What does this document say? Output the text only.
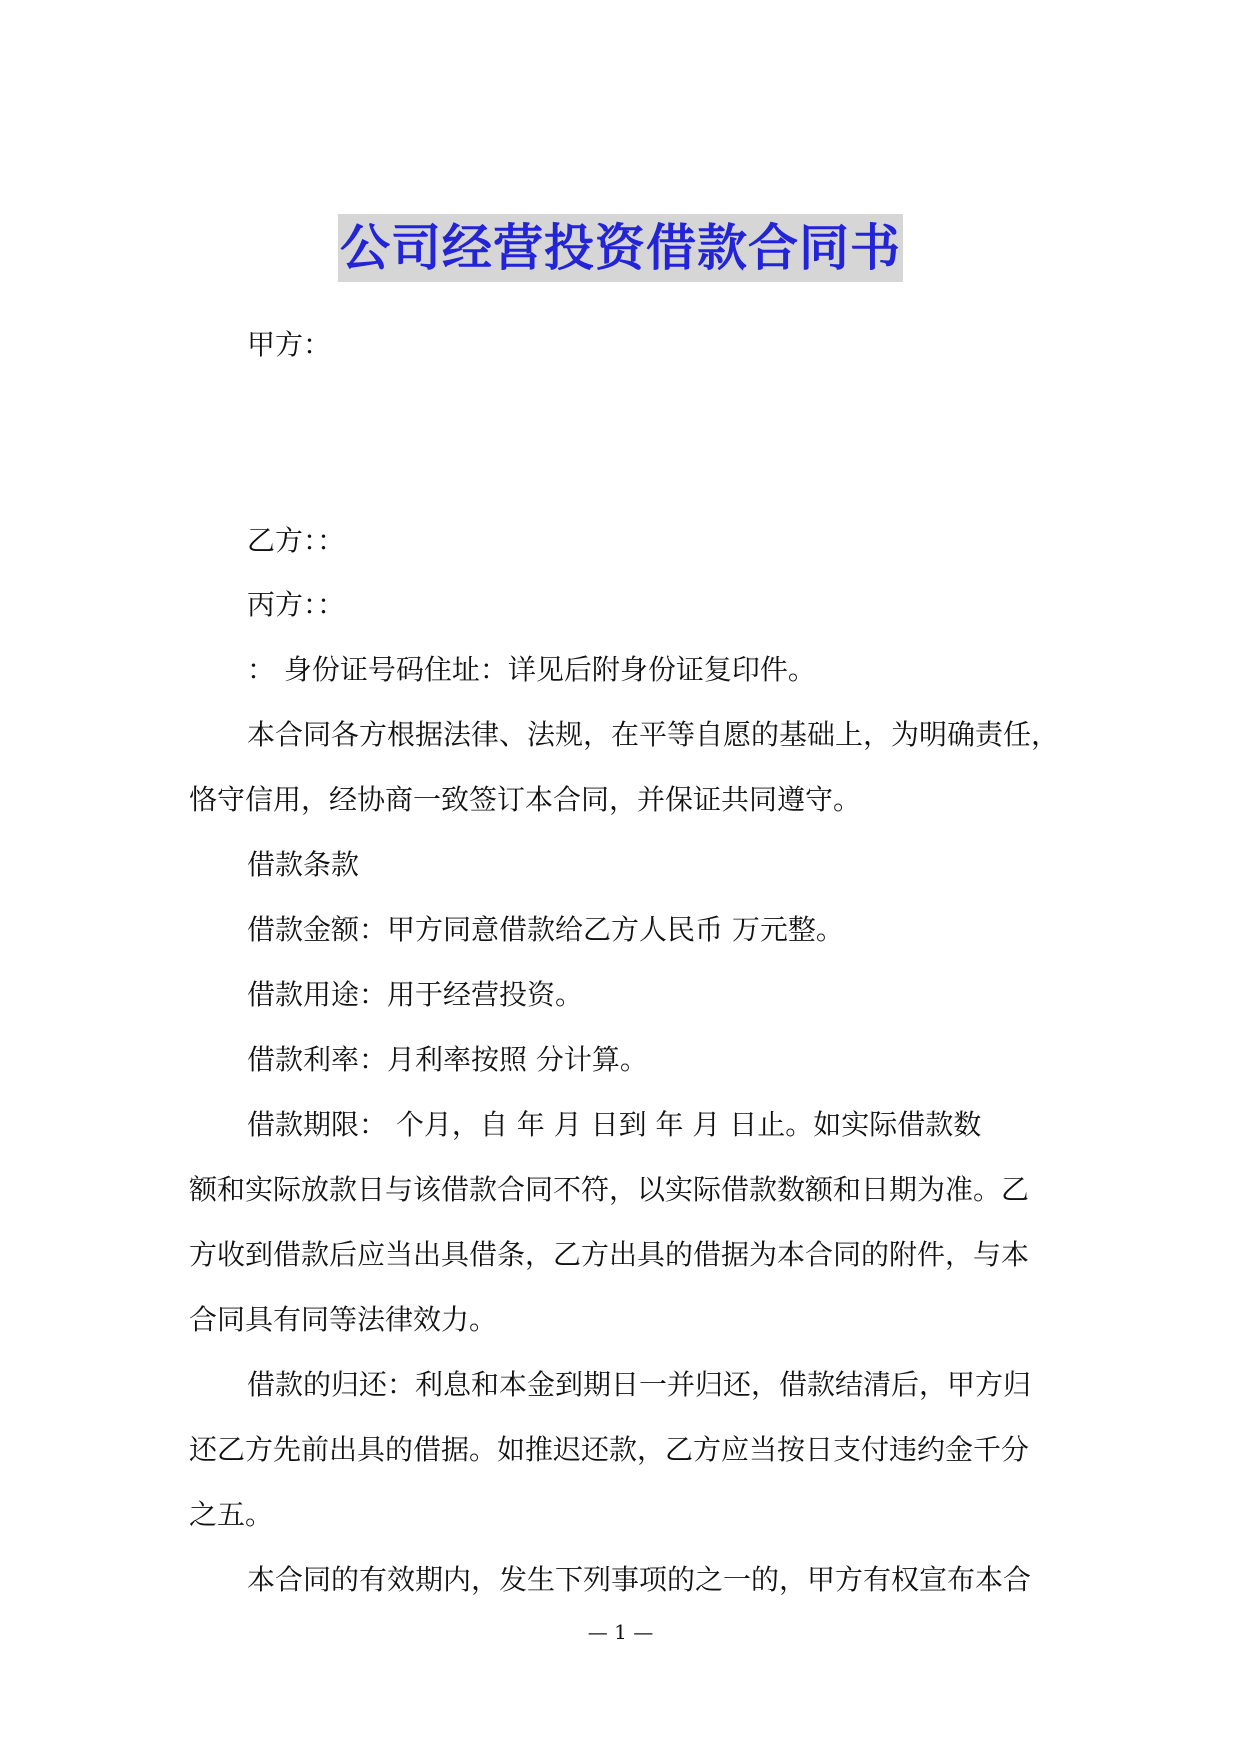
公司经营投资借款合同书
甲方：
乙方：：
丙方：：
： 身份证号码住址：详见后附身份证复印件。
本合同各方根据法律、法规，在平等自愿的基础上，为明确责任，
恪守信用，经协商一致签订本合同，并保证共同遵守。
借款条款
借款金额：甲方同意借款给乙方人民币 万元整。
借款用途：用于经营投资。
借款利率：月利率按照 分计算。
借款期限： 个月，自 年 月 日到 年 月 日止。如实际借款数
额和实际放款日与该借款合同不符，以实际借款数额和日期为准。乙
方收到借款后应当出具借条，乙方出具的借据为本合同的附件，与本
合同具有同等法律效力。
借款的归还：利息和本金到期日一并归还，借款结清后，甲方归
还乙方先前出具的借据。如推迟还款，乙方应当按日支付违约金千分
之五。
本合同的有效期内，发生下列事项的之一的，甲方有权宣布本合
— 1 —
